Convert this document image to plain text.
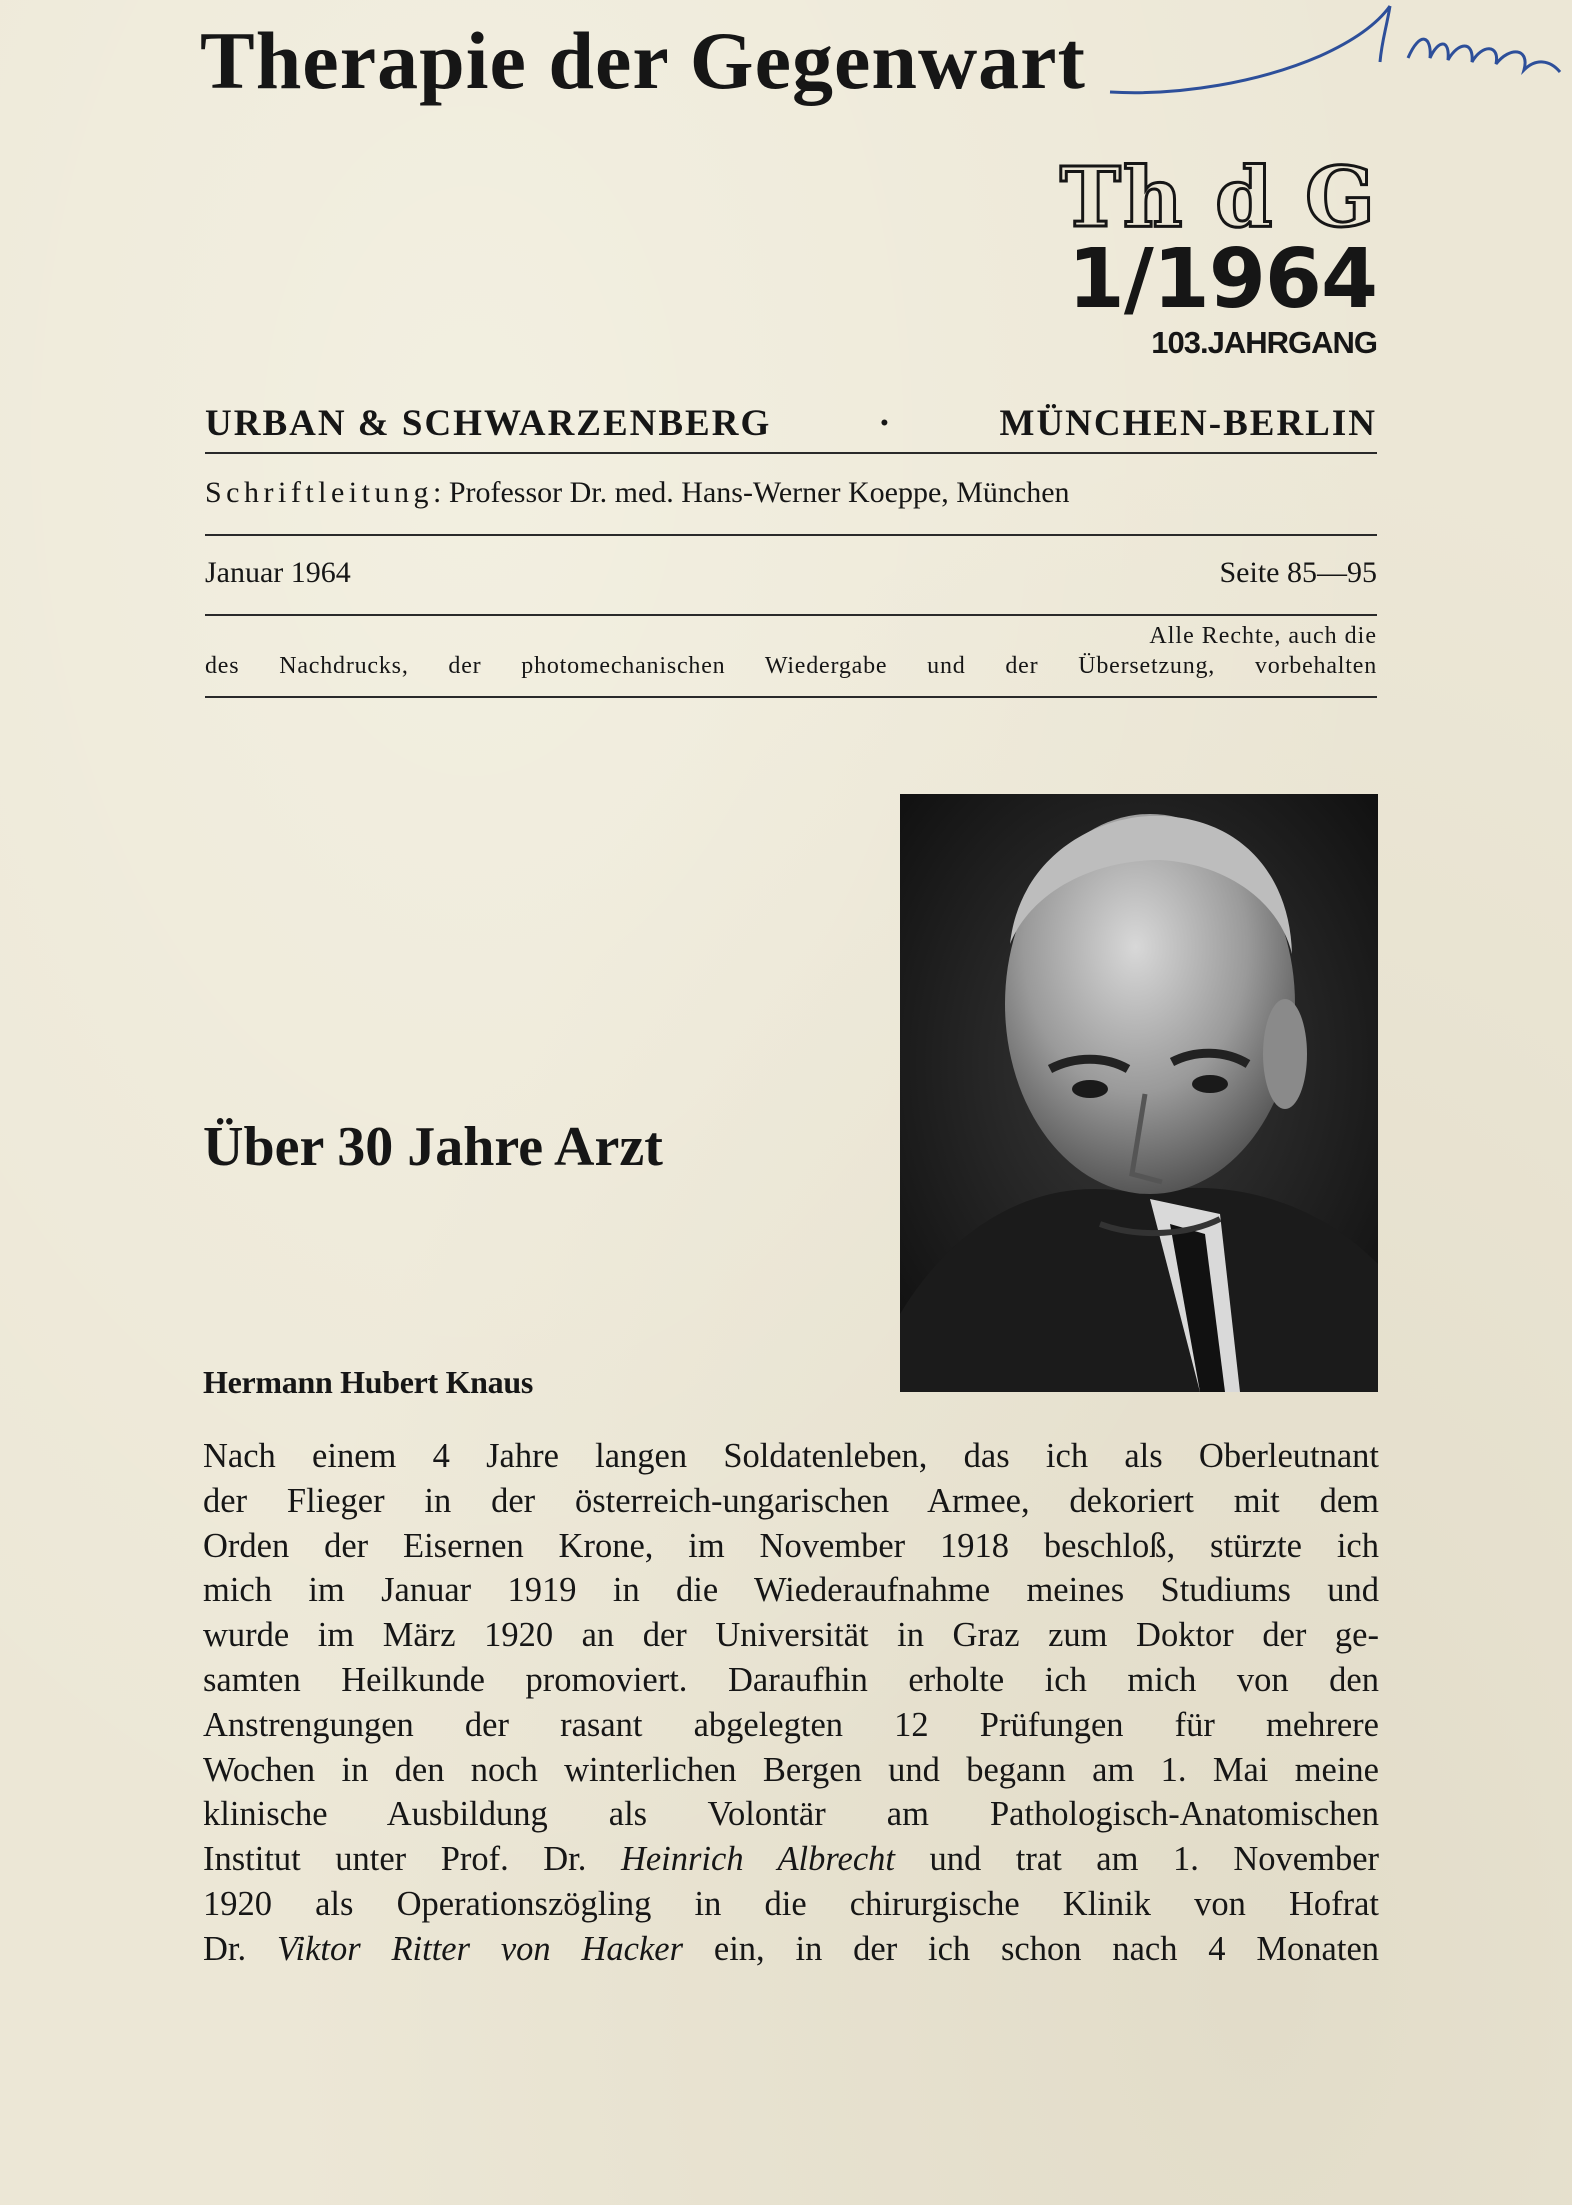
Therapie der Gegenwart
Th d G
1/1964
103.JAHRGANG
URBAN & SCHWARZENBERG	·	MÜNCHEN-BERLIN
Schriftleitung: Professor Dr. med. Hans-Werner Koeppe, München
Januar 1964	Seite 85—95
Alle Rechte, auch die
des Nachdrucks, der photomechanischen Wiedergabe und der Übersetzung, vorbehalten
Über 30 Jahre Arzt
Hermann Hubert Knaus
Nach einem 4 Jahre langen Soldatenleben, das ich als Oberleutnant
der Flieger in der österreich-ungarischen Armee, dekoriert mit dem
Orden der Eisernen Krone, im November 1918 beschloß, stürzte ich
mich im Januar 1919 in die Wiederaufnahme meines Studiums und
wurde im März 1920 an der Universität in Graz zum Doktor der ge-
samten Heilkunde promoviert. Daraufhin erholte ich mich von den
Anstrengungen der rasant abgelegten 12 Prüfungen für mehrere
Wochen in den noch winterlichen Bergen und begann am 1. Mai meine
klinische Ausbildung als Volontär am Pathologisch-Anatomischen
Institut unter Prof. Dr. Heinrich Albrecht und trat am 1. November
1920 als Operationszögling in die chirurgische Klinik von Hofrat
Dr. Viktor Ritter von Hacker ein, in der ich schon nach 4 Monaten
